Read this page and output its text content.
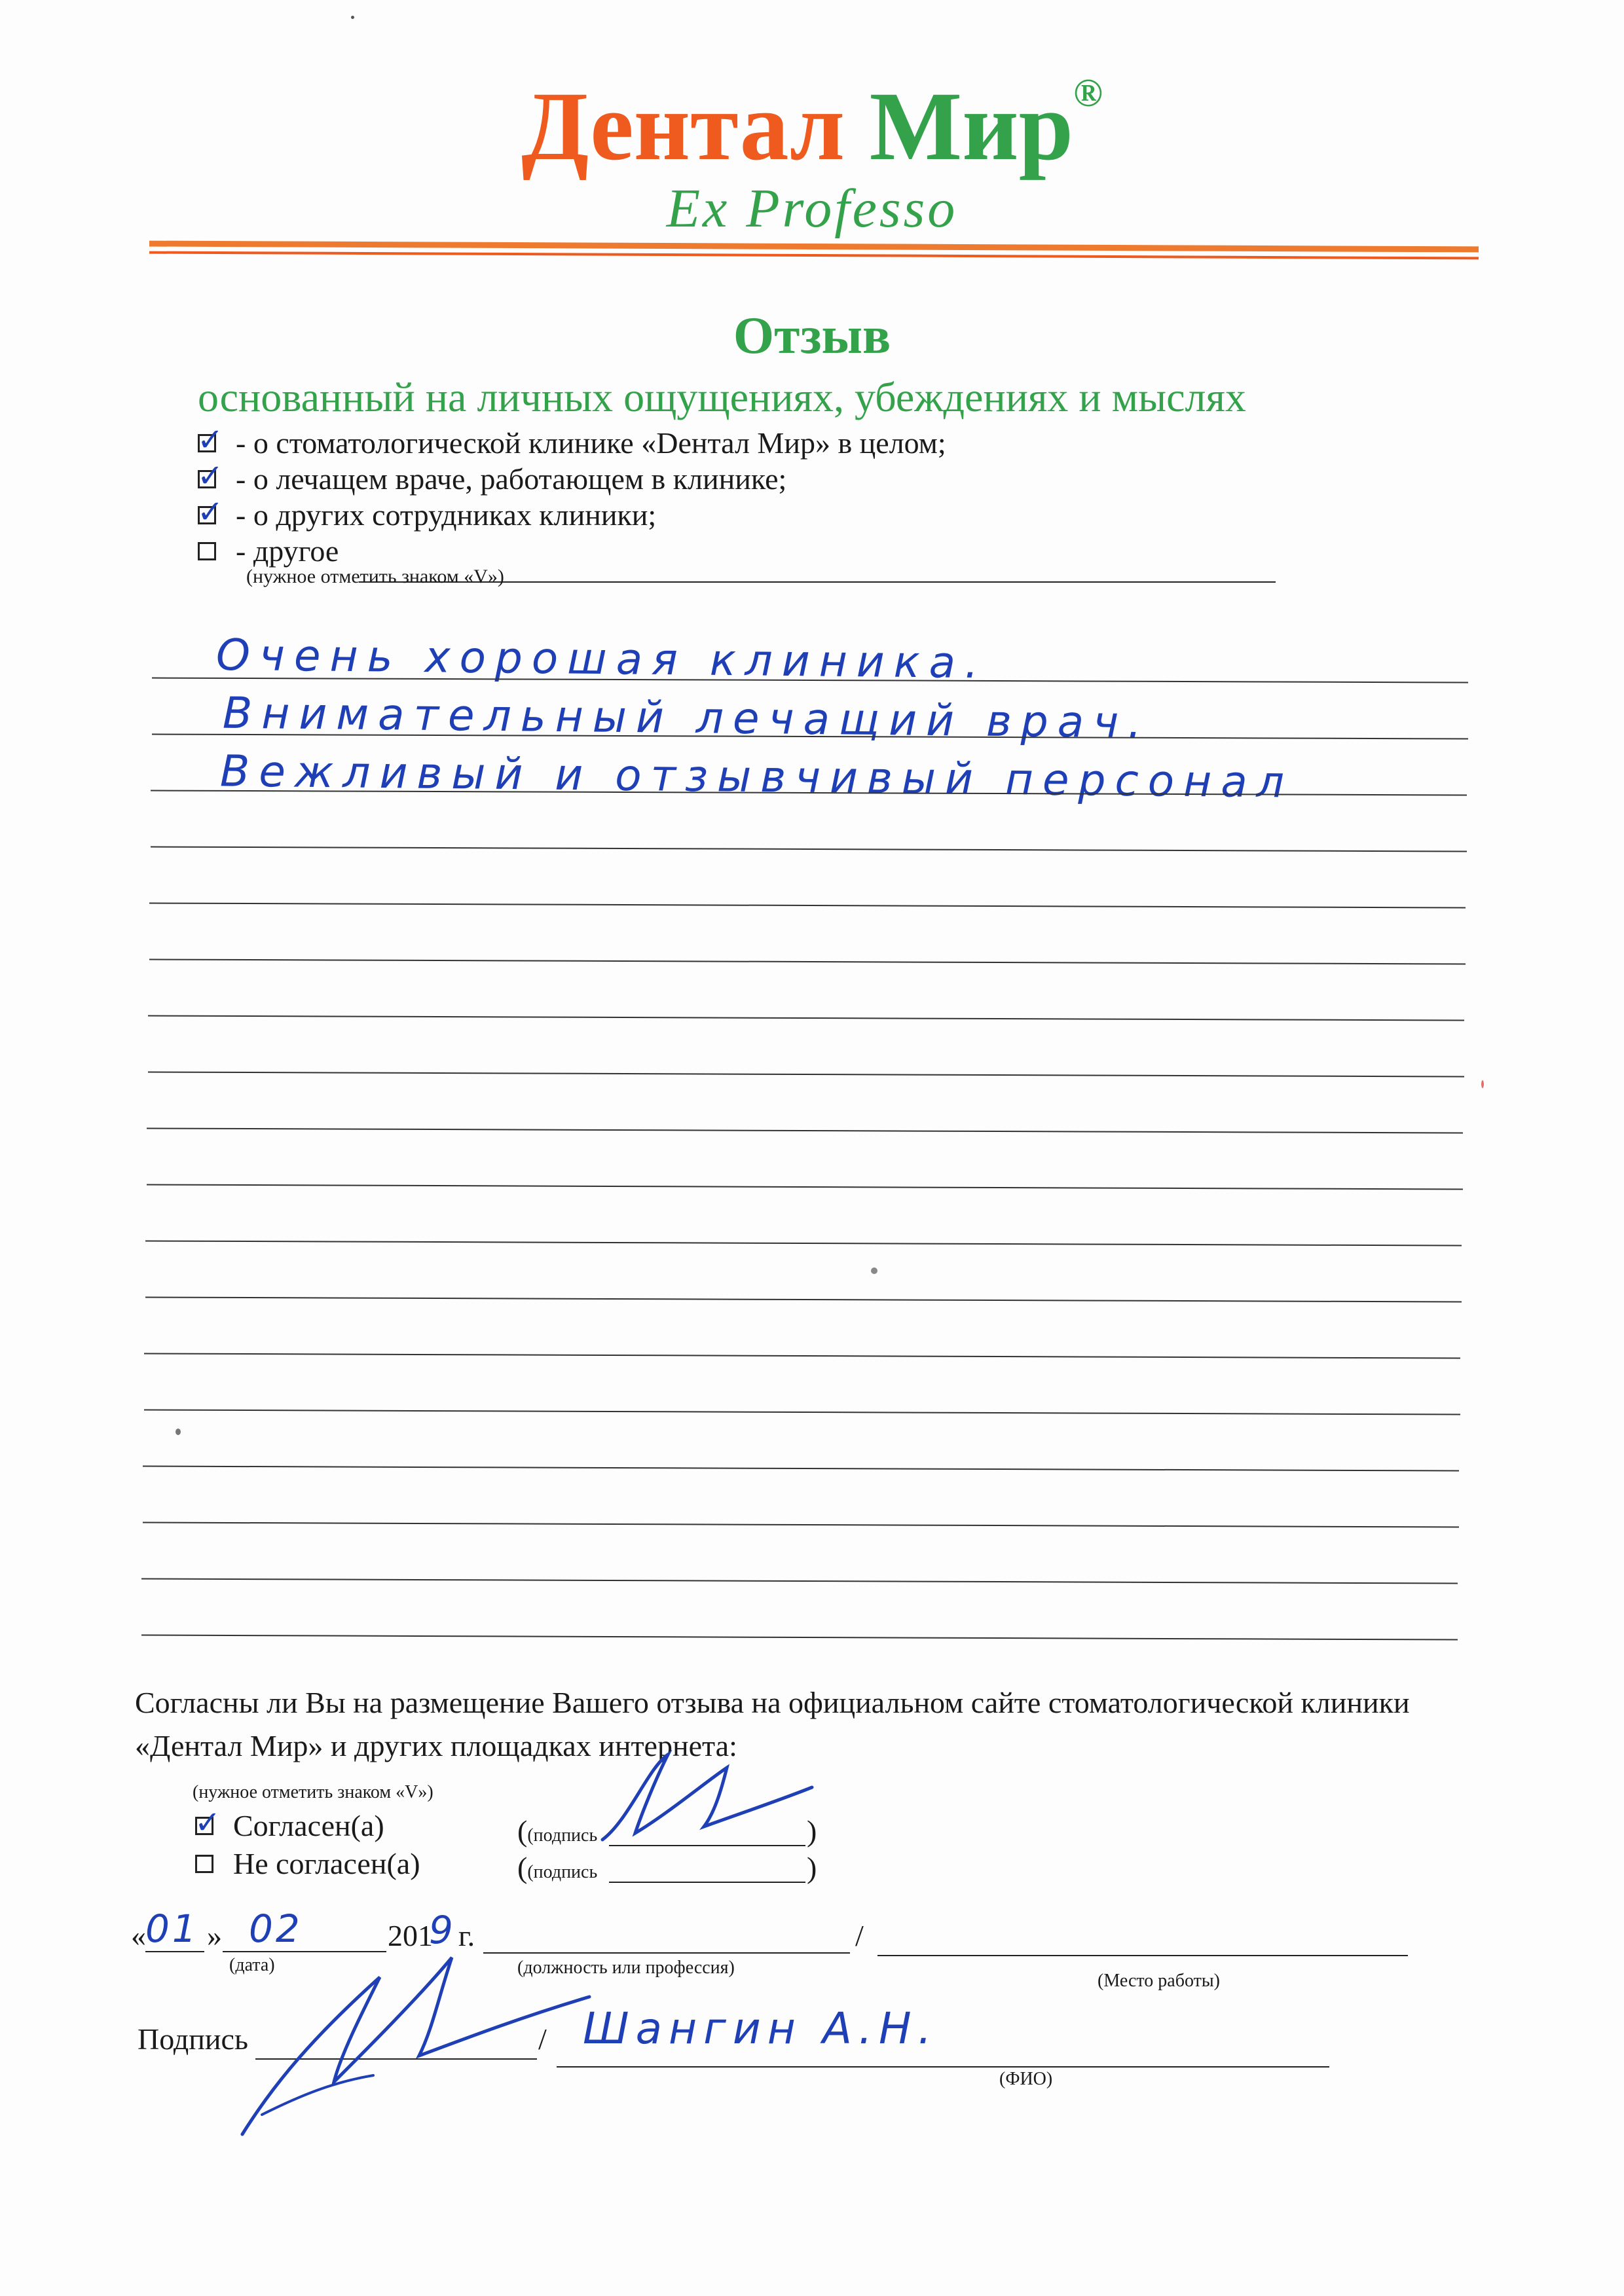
Дентал Мир®
Ex Professo
Отзыв
основанный на личных ощущениях, убеждениях и мыслях
✓ - о стоматологической клинике «Dентал Мир» в целом;
✓ - о лечащем враче, работающем в клинике;
✓ - о других сотрудниках клиники;
- другое
(нужное отметить знаком «V»)
Очень хорошая клиника.
Внимательный лечащий врач.
Вежливый и отзывчивый персонал
Согласны ли Вы на размещение Вашего отзыва на официальном сайте стоматологической клиники «Дентал Мир» и других площадках интернета:
(нужное отметить знаком «V»)
✓ Согласен(а)
Не согласен(а)
((подпись	)
((подпись	)
« 01 » 02	201
9 г.
(дата)	(должность или профессия)
/
(Место работы)
Подпись	/ Шангин А.Н.
(ФИО)
